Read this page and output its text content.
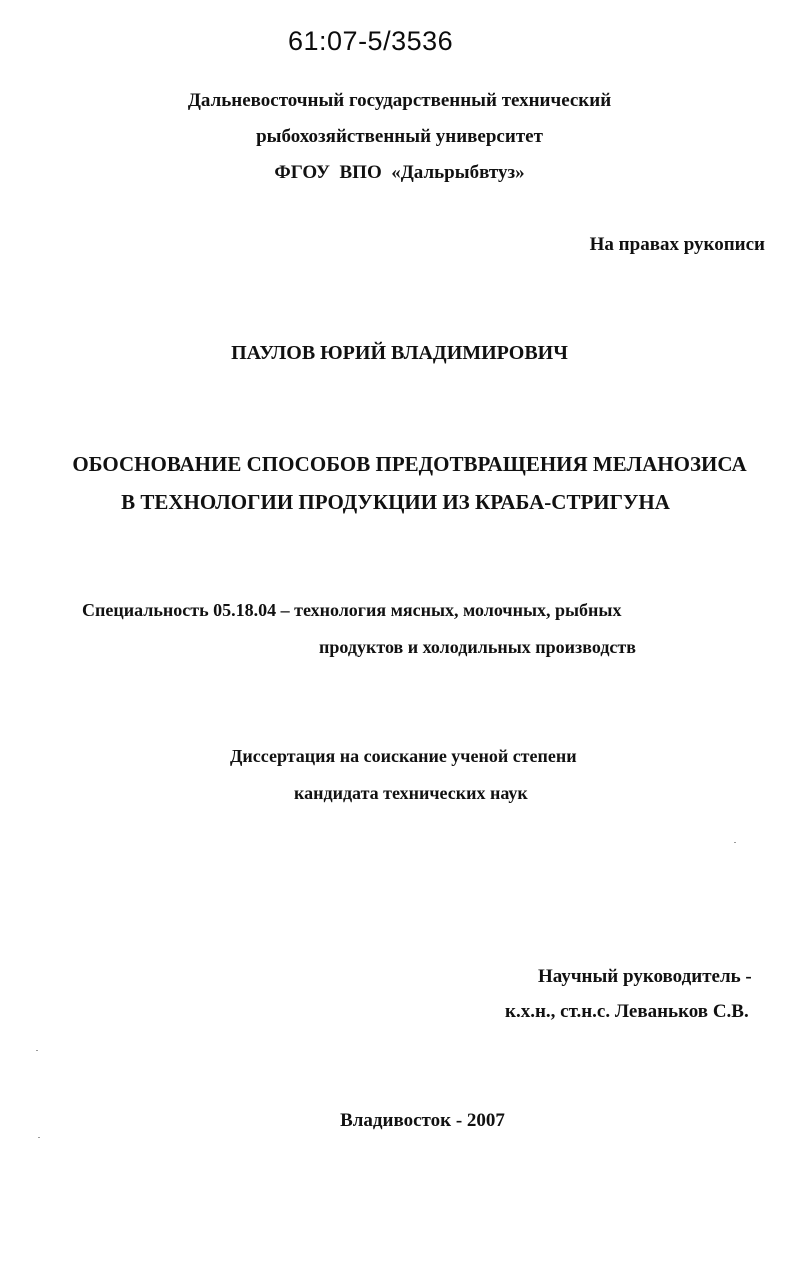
61:07-5/3536
Дальневосточный государственный технический
рыбохозяйственный университет
ФГОУ  ВПО  «Дальрыбвтуз»
На правах рукописи
ПАУЛОВ ЮРИЙ ВЛАДИМИРОВИЧ
ОБОСНОВАНИЕ СПОСОБОВ ПРЕДОТВРАЩЕНИЯ МЕЛАНОЗИСА
В ТЕХНОЛОГИИ ПРОДУКЦИИ ИЗ КРАБА-СТРИГУНА
Специальность 05.18.04 – технология мясных, молочных, рыбных
продуктов и холодильных производств
Диссертация на соискание ученой степени
кандидата технических наук
Научный руководитель -
к.х.н., ст.н.с. Леваньков С.В.
Владивосток - 2007
